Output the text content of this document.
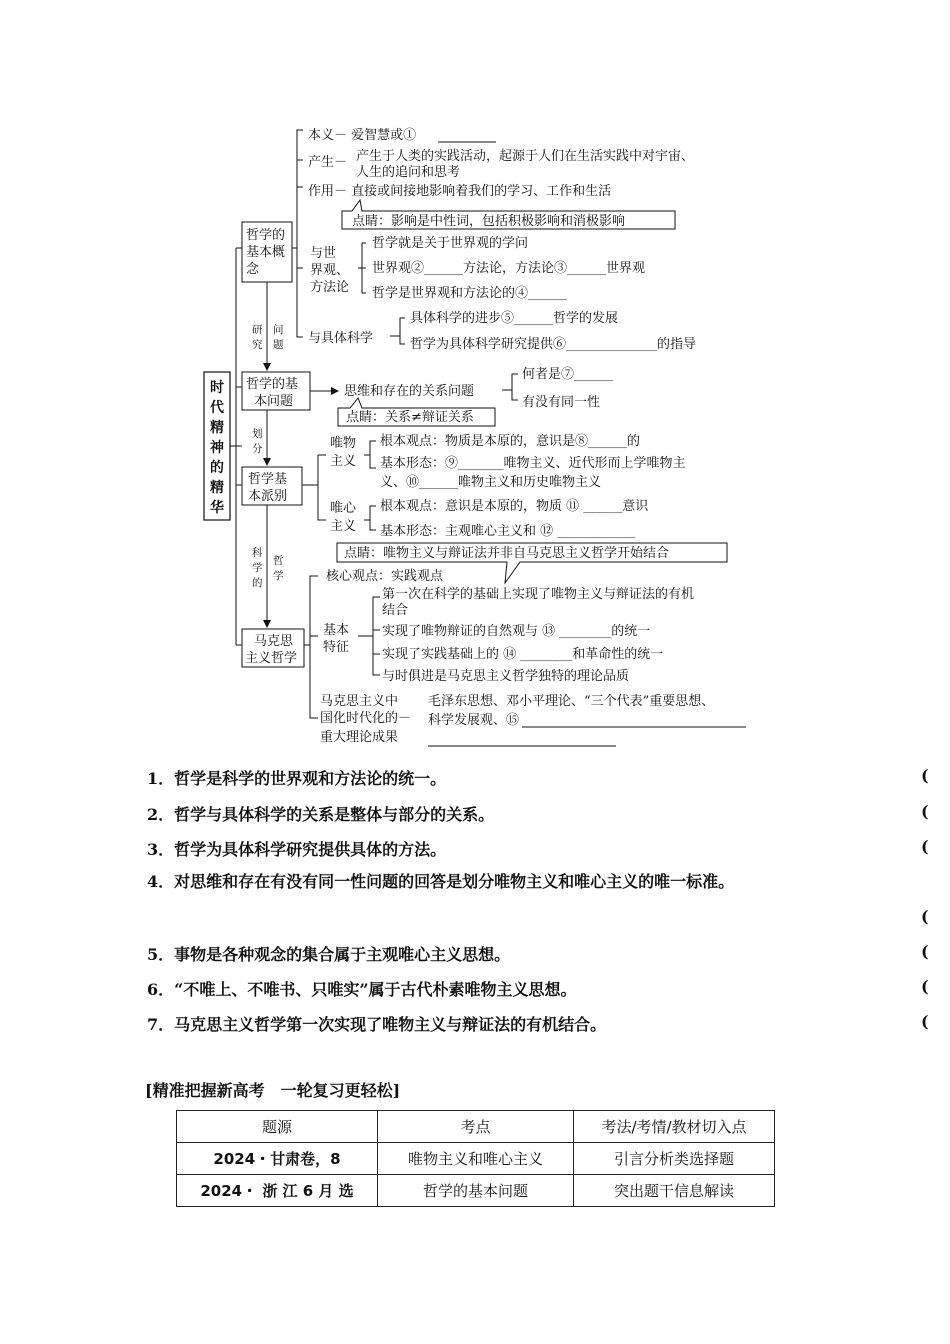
时代精神的精华
哲学的
基本概
念
哲学的基
本问题
哲学基
本派别
马克思
主义哲学
研
究
问
题
划
分
科
学
的
哲
学
本义－ 爱智慧或①
产生－ 产生于人类的实践活动，起源于人们在生活实践中对宇宙、
人生的追问和思考
作用－ 直接或间接地影响着我们的学习、工作和生活
点睛：影响是中性词，包括积极影响和消极影响
与世
界观、
方法论
哲学就是关于世界观的学问
世界观②______方法论，方法论③______世界观
哲学是世界观和方法论的④______
与具体科学
具体科学的进步⑤______哲学的发展
哲学为具体科学研究提供⑥______________的指导
思维和存在的关系问题
何者是⑦______
有没有同一性
点睛：关系≠辩证关系
唯物
主义
根本观点：物质是本原的，意识是⑧______的
基本形态：⑨_______唯物主义、近代形而上学唯物主
义、⑩______唯物主义和历史唯物主义
唯心
主义
根本观点：意识是本原的，物质 ⑪ ______意识
基本形态：主观唯心主义和 ⑫ ____________
点睛：唯物主义与辩证法并非自马克思主义哲学开始结合
核心观点：实践观点
基本
特征
第一次在科学的基础上实现了唯物主义与辩证法的有机
结合
实现了唯物辩证的自然观与 ⑬ ________的统一
实现了实践基础上的 ⑭ ________和革命性的统一
与时俱进是马克思主义哲学独特的理论品质
马克思主义中
国化时代化的－
重大理论成果
毛泽东思想、邓小平理论、“三个代表”重要思想、
科学发展观、⑮
1．哲学是科学的世界观和方法论的统一。	(
2．哲学与具体科学的关系是整体与部分的关系。	(
3．哲学为具体科学研究提供具体的方法。	(
4．对思维和存在有没有同一性问题的回答是划分唯物主义和唯心主义的唯一标准。
(
5．事物是各种观念的集合属于主观唯心主义思想。	(
6．“不唯上、不唯书、只唯实”属于古代朴素唯物主义思想。	(
7．马克思主义哲学第一次实现了唯物主义与辩证法的有机结合。	(
[精准把握新高考　一轮复习更轻松]
题源	考点	考法/考情/教材切入点
2024・甘肃卷，8	唯物主义和唯心主义	引言分析类选择题
2024・ 浙 江 6 月 选	哲学的基本问题	突出题干信息解读
